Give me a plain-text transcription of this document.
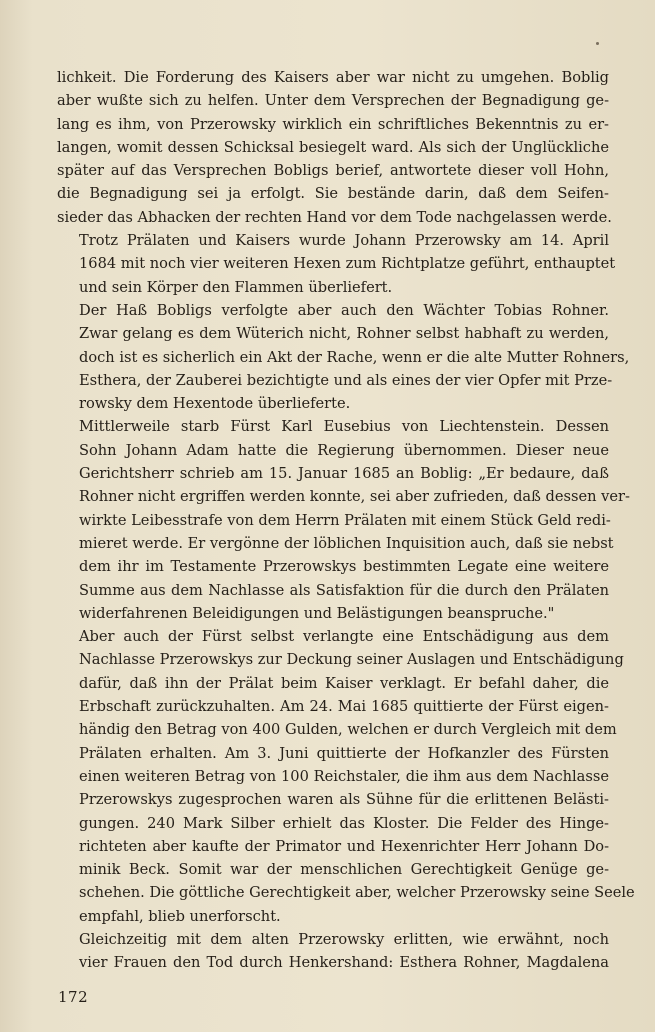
lichkeit. Die Forderung des Kaisers aber war nicht zu umgehen. Boblig
aber wußte sich zu helfen. Unter dem Versprechen der Begnadigung ge-
lang es ihm, von Przerowsky wirklich ein schriftliches Bekenntnis zu er-
langen, womit dessen Schicksal besiegelt ward. Als sich der Unglückliche
später auf das Versprechen Bobligs berief, antwortete dieser voll Hohn,
die Begnadigung sei ja erfolgt. Sie bestände darin, daß dem Seifen-
sieder das Abhacken der rechten Hand vor dem Tode nachgelassen werde.
Trotz Prälaten und Kaisers wurde Johann Przerowsky am 14. April
1684 mit noch vier weiteren Hexen zum Richtplatze geführt, enthauptet
und sein Körper den Flammen überliefert.
Der Haß Bobligs verfolgte aber auch den Wächter Tobias Rohner.
Zwar gelang es dem Wüterich nicht, Rohner selbst habhaft zu werden,
doch ist es sicherlich ein Akt der Rache, wenn er die alte Mutter Rohners,
Esthera, der Zauberei bezichtigte und als eines der vier Opfer mit Prze-
rowsky dem Hexentode überlieferte.
Mittlerweile starb Fürst Karl Eusebius von Liechtenstein. Dessen
Sohn Johann Adam hatte die Regierung übernommen. Dieser neue
Gerichtsherr schrieb am 15. Januar 1685 an Boblig: „Er bedaure, daß
Rohner nicht ergriffen werden konnte, sei aber zufrieden, daß dessen ver-
wirkte Leibesstrafe von dem Herrn Prälaten mit einem Stück Geld redi-
mieret werde. Er vergönne der löblichen Inquisition auch, daß sie nebst
dem ihr im Testamente Przerowskys bestimmten Legate eine weitere
Summe aus dem Nachlasse als Satisfaktion für die durch den Prälaten
widerfahrenen Beleidigungen und Belästigungen beanspruche."
Aber auch der Fürst selbst verlangte eine Entschädigung aus dem
Nachlasse Przerowskys zur Deckung seiner Auslagen und Entschädigung
dafür, daß ihn der Prälat beim Kaiser verklagt. Er befahl daher, die
Erbschaft zurückzuhalten. Am 24. Mai 1685 quittierte der Fürst eigen-
händig den Betrag von 400 Gulden, welchen er durch Vergleich mit dem
Prälaten erhalten. Am 3. Juni quittierte der Hofkanzler des Fürsten
einen weiteren Betrag von 100 Reichstaler, die ihm aus dem Nachlasse
Przerowskys zugesprochen waren als Sühne für die erlittenen Belästi-
gungen. 240 Mark Silber erhielt das Kloster. Die Felder des Hinge-
richteten aber kaufte der Primator und Hexenrichter Herr Johann Do-
minik Beck. Somit war der menschlichen Gerechtigkeit Genüge ge-
schehen. Die göttliche Gerechtigkeit aber, welcher Przerowsky seine Seele
empfahl, blieb unerforscht.
Gleichzeitig mit dem alten Przerowsky erlitten, wie erwähnt, noch
vier Frauen den Tod durch Henkershand: Esthera Rohner, Magdalena
172
